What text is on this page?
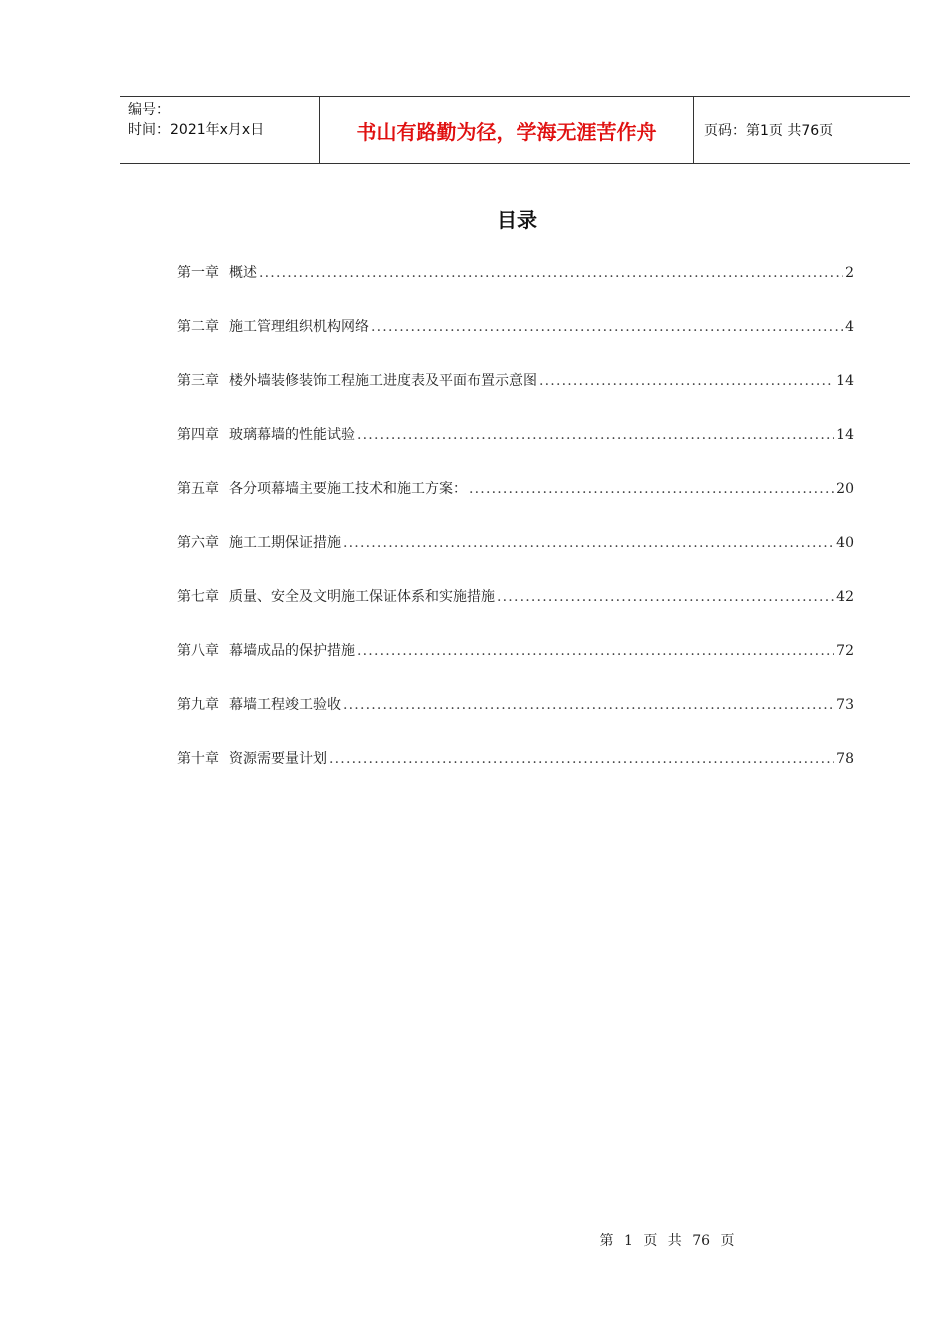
编号：
时间：2021年x月x日	书山有路勤为径，学海无涯苦作舟	页码：第1页 共76页
目录
第一章 概述 .....	2
第二章 施工管理组织机构网络 .....	4
第三章 楼外墙装修装饰工程施工进度表及平面布置示意图 .....	14
第四章 玻璃幕墙的性能试验 .....	14
第五章 各分项幕墙主要施工技术和施工方案： .....	20
第六章 施工工期保证措施 .....	40
第七章 质量、安全及文明施工保证体系和实施措施 .....	42
第八章 幕墙成品的保护措施 .....	72
第九章 幕墙工程竣工验收 .....	73
第十章 资源需要量计划 .....	78
第 1 页 共 76 页
